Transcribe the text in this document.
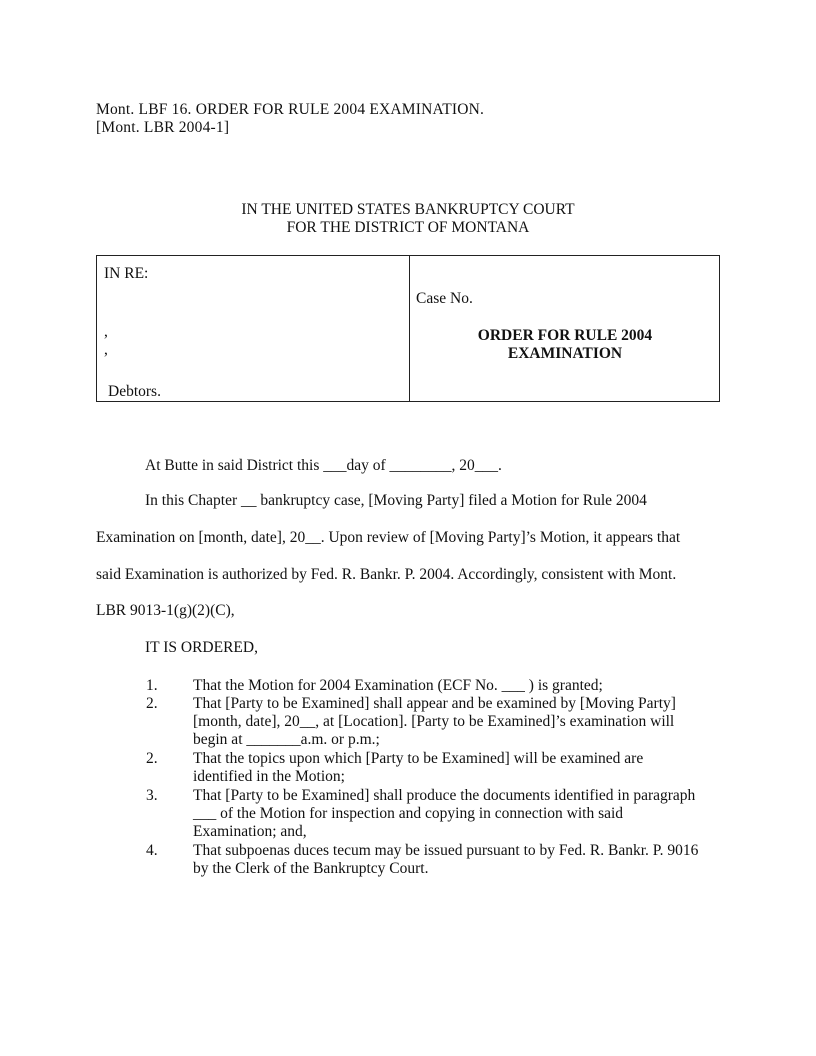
Mont. LBF 16. ORDER FOR RULE 2004 EXAMINATION.
[Mont. LBR 2004-1]
IN THE UNITED STATES BANKRUPTCY COURT
FOR THE DISTRICT OF MONTANA
IN RE:
,
,
Debtors.
Case No.
ORDER FOR RULE 2004
EXAMINATION
At Butte in said District this ___day of ________, 20___.
In this Chapter __ bankruptcy case, [Moving Party] filed a Motion for Rule 2004
Examination on [month, date], 20__. Upon review of [Moving Party]’s Motion, it appears that
said Examination is authorized by Fed. R. Bankr. P. 2004. Accordingly, consistent with Mont.
LBR 9013-1(g)(2)(C),
IT IS ORDERED,
1. That the Motion for 2004 Examination (ECF No. ___ ) is granted;
2. That [Party to be Examined] shall appear and be examined by [Moving Party]
[month, date], 20__, at [Location]. [Party to be Examined]’s examination will
begin at _______a.m. or p.m.;
2. That the topics upon which [Party to be Examined] will be examined are
identified in the Motion;
3. That [Party to be Examined] shall produce the documents identified in paragraph
___ of the Motion for inspection and copying in connection with said
Examination; and,
4. That subpoenas duces tecum may be issued pursuant to by Fed. R. Bankr. P. 9016
by the Clerk of the Bankruptcy Court.
